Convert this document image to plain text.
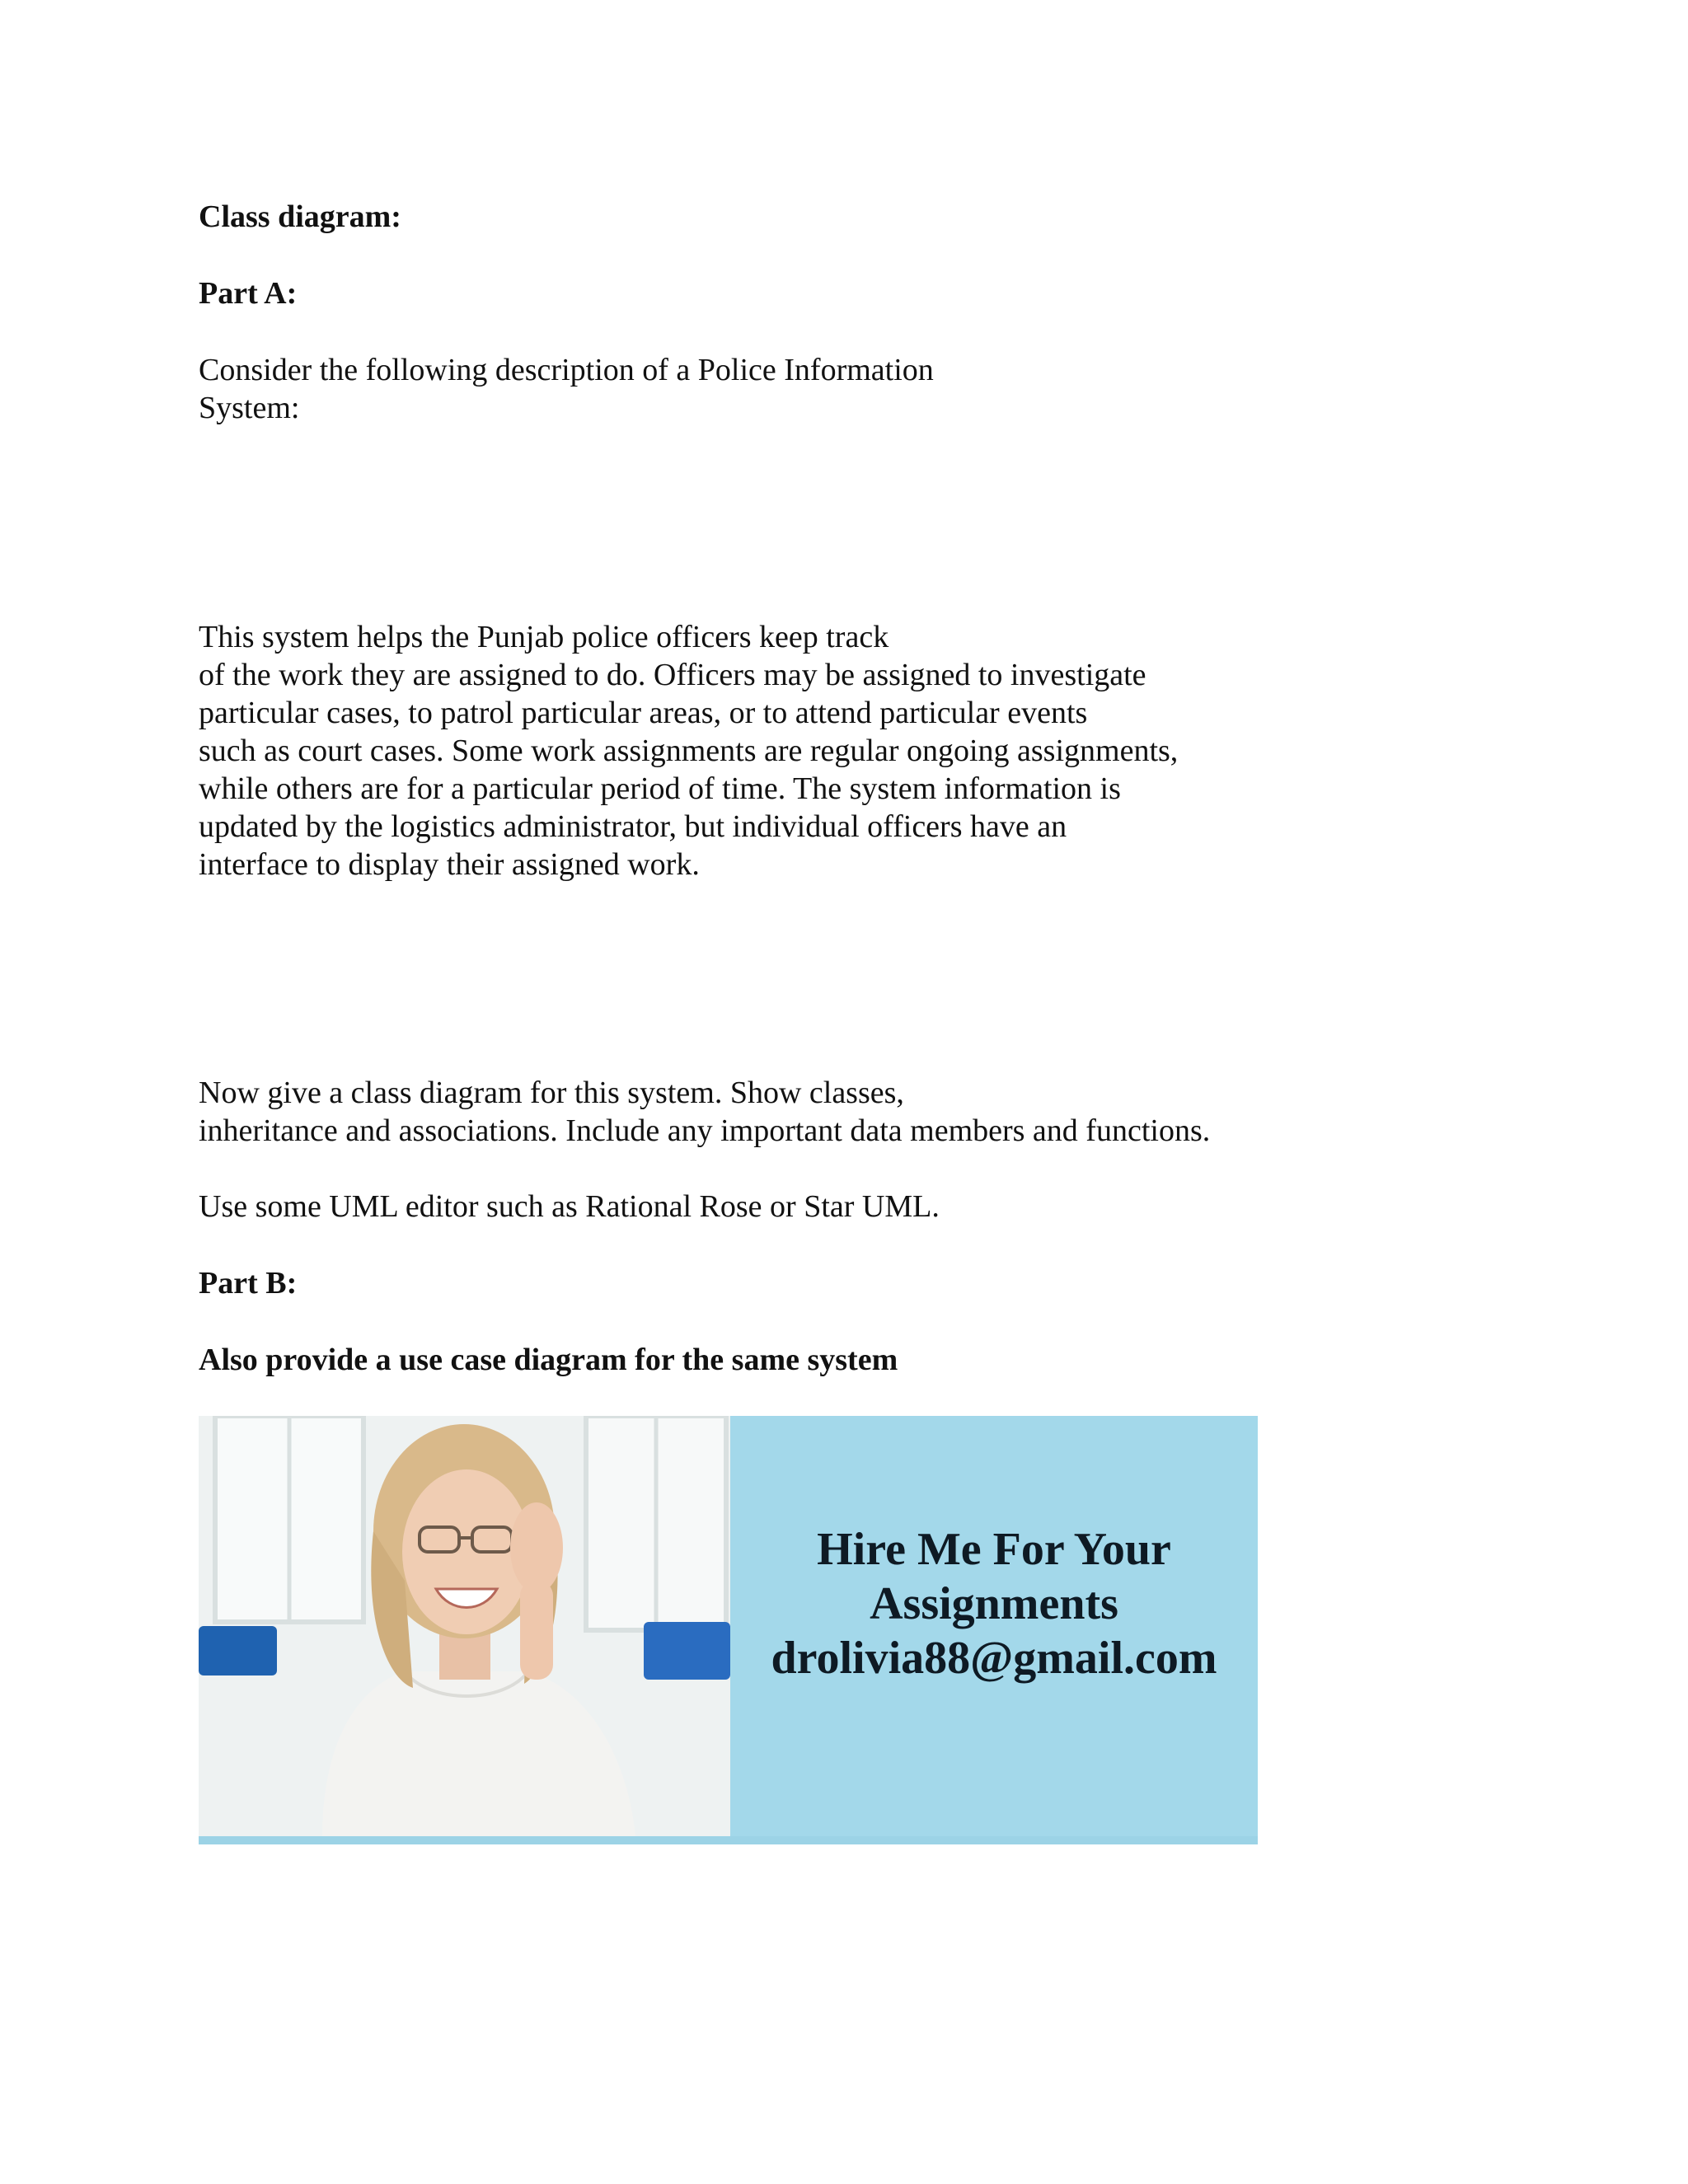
Class diagram:
Part A:
Consider the following description of a Police Information
System:
This system helps the Punjab police officers keep track
of the work they are assigned to do. Officers may be assigned to investigate
particular cases, to patrol particular areas, or to attend particular events
such as court cases. Some work assignments are regular ongoing assignments,
while others are for a particular period of time. The system information is
updated by the logistics administrator, but individual officers have an
interface to display their assigned work.
Now give a class diagram for this system. Show classes,
inheritance and associations. Include any important data members and functions.
Use some UML editor such as Rational Rose or Star UML.
Part B:
Also provide a use case diagram for the same system
Hire Me For Your
Assignments
drolivia88@gmail.com
